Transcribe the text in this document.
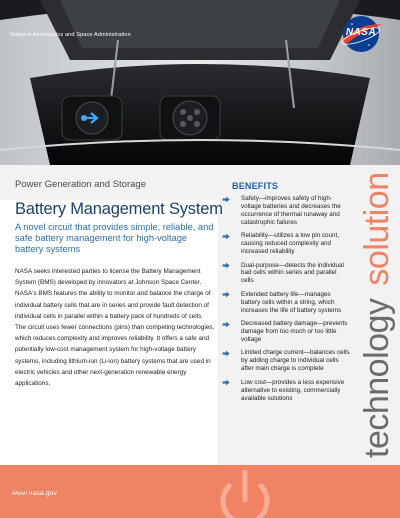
National Aeronautics and Space Administration	NASA
Power Generation and Storage
Battery Management System
A novel circuit that provides simple, reliable, and safe battery management for high-voltage battery systems
NASA seeks interested parties to license the Battery Management System (BMS) developed by innovators at Johnson Space Center. NASA's BMS features the ability to monitor and balance the charge of individual battery cells that are in series and provide fault detection of individual cells in parallel within a battery pack of hundreds of cells. The circuit uses fewer connections (pins) than competing technologies, which reduces complexity and improves reliability. It offers a safe and potentially low-cost management system for high-voltage battery systems, including lithium-ion (Li-ion) battery systems that are used in electric vehicles and other next-generation renewable energy applications.
BENEFITS
Safety—improves safety of high-voltage batteries and decreases the occurrence of thermal runaway and catastrophic failures
Reliability—utilizes a low pin count, causing reduced complexity and increased reliability
Dual-purpose—detects the individual bad cells within series and parallel cells
Extended battery life—manages battery cells within a string, which increases the life of battery systems
Decreased battery damage—prevents damage from too much or too little voltage
Limited charge current—balances cells by adding charge to individual cells after main charge is complete
Low cost—provides a less expensive alternative to existing, commercially available solutions	technology solution
www.nasa.gov
